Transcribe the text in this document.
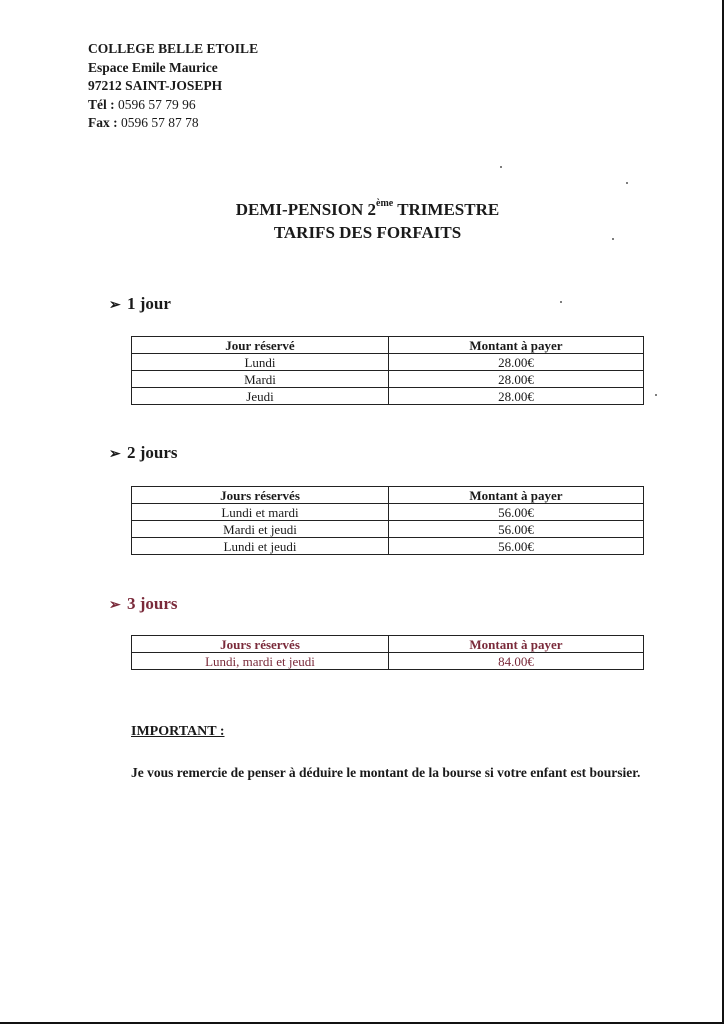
COLLEGE BELLE ETOILE
Espace Emile Maurice
97212 SAINT-JOSEPH
Tél : 0596 57 79 96
Fax : 0596 57 87 78
DEMI-PENSION 2ème TRIMESTRE
TARIFS DES FORFAITS
➢ 1 jour
Jour réservé	Montant à payer
Lundi	28.00€
Mardi	28.00€
Jeudi	28.00€
➢ 2 jours
Jours réservés	Montant à payer
Lundi et mardi	56.00€
Mardi et jeudi	56.00€
Lundi et jeudi	56.00€
➢ 3 jours
Jours réservés	Montant à payer
Lundi, mardi et jeudi	84.00€
IMPORTANT :
Je vous remercie de penser à déduire le montant de la bourse si votre enfant est boursier.
